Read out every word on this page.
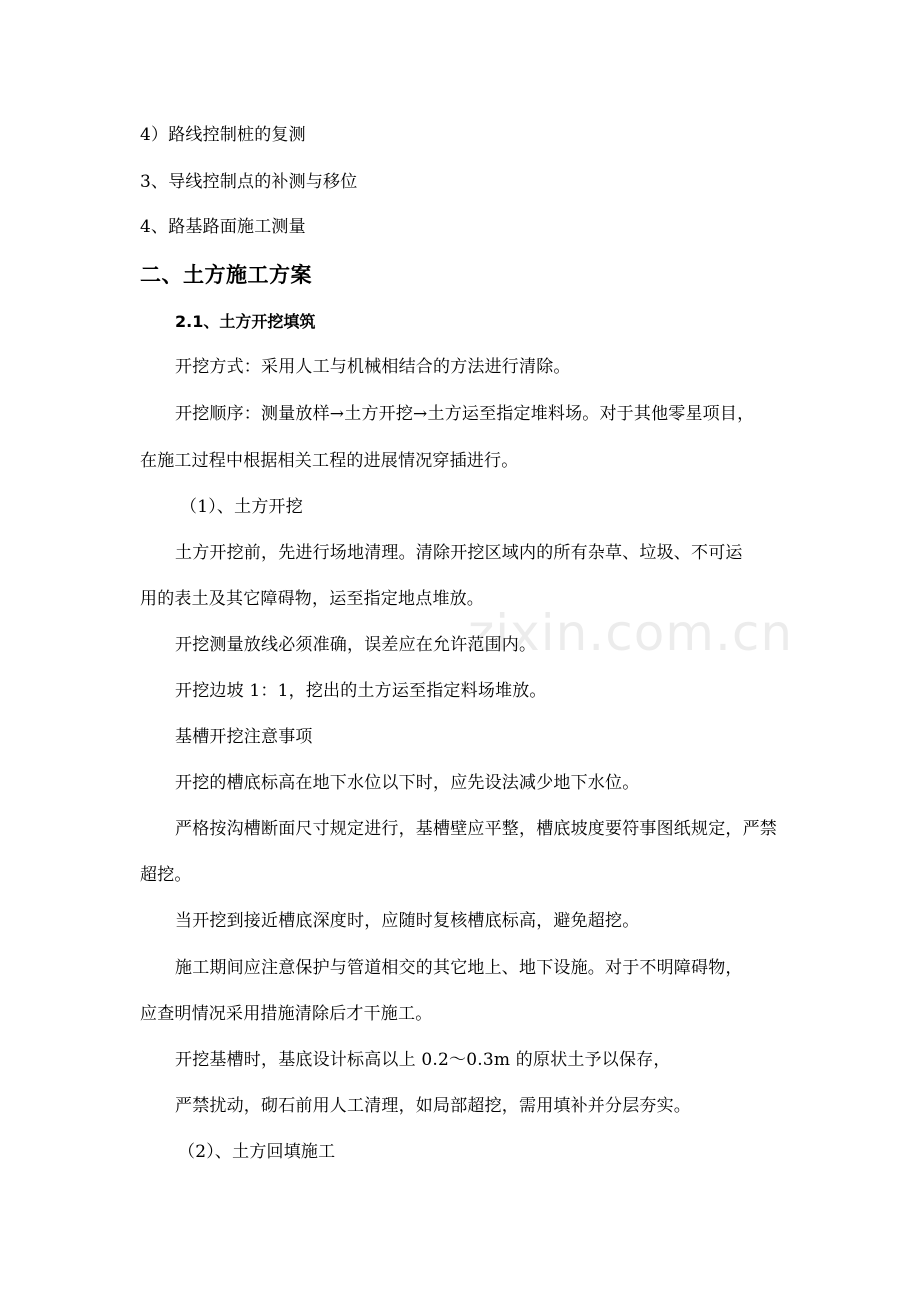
4）路线控制桩的复测
3、导线控制点的补测与移位
4、路基路面施工测量
二、土方施工方案
2.1、土方开挖填筑
开挖方式：采用人工与机械相结合的方法进行清除。
开挖顺序：测量放样→土方开挖→土方运至指定堆料场。对于其他零星项目，
在施工过程中根据相关工程的进展情况穿插进行。
（1）、土方开挖
土方开挖前，先进行场地清理。清除开挖区域内的所有杂草、垃圾、不可运
用的表土及其它障碍物，运至指定地点堆放。
zixin.com.cn
开挖测量放线必须准确，误差应在允许范围内。
开挖边坡 1：1，挖出的土方运至指定料场堆放。
基槽开挖注意事项
开挖的槽底标高在地下水位以下时，应先设法减少地下水位。
严格按沟槽断面尺寸规定进行，基槽壁应平整，槽底坡度要符事图纸规定，严禁
超挖。
当开挖到接近槽底深度时，应随时复核槽底标高，避免超挖。
施工期间应注意保护与管道相交的其它地上、地下设施。对于不明障碍物，
应查明情况采用措施清除后才干施工。
开挖基槽时，基底设计标高以上 0.2～0.3m 的原状土予以保存，
严禁扰动，砌石前用人工清理，如局部超挖，需用填补并分层夯实。
（2）、土方回填施工
